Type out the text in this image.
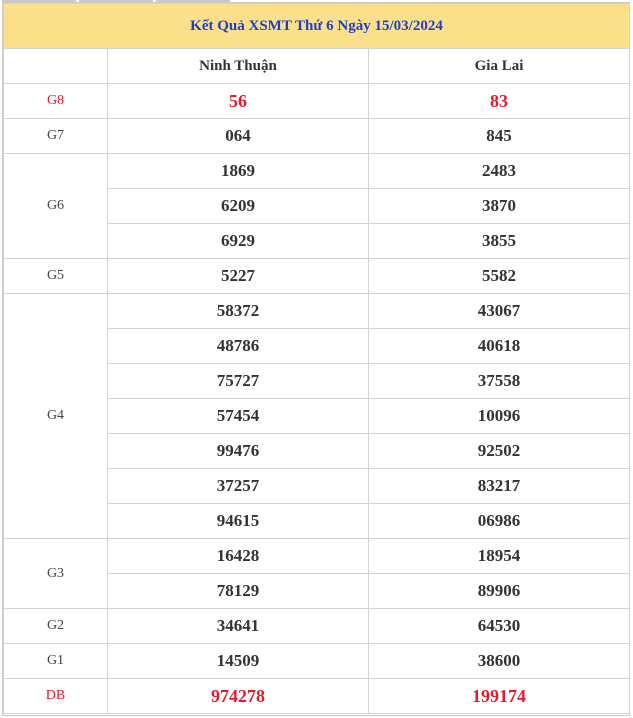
Kết Quả XSMT Thứ 6 Ngày 15/03/2024		
	Ninh Thuận	Gia Lai
G8	56	83
G7	064	845
G6	1869	2483
	6209	3870
	6929	3855
G5	5227	5582
G4	58372	43067
	48786	40618
	75727	37558
	57454	10096
	99476	92502
	37257	83217
	94615	06986
G3	16428	18954
	78129	89906
G2	34641	64530
G1	14509	38600
DB	974278	199174
